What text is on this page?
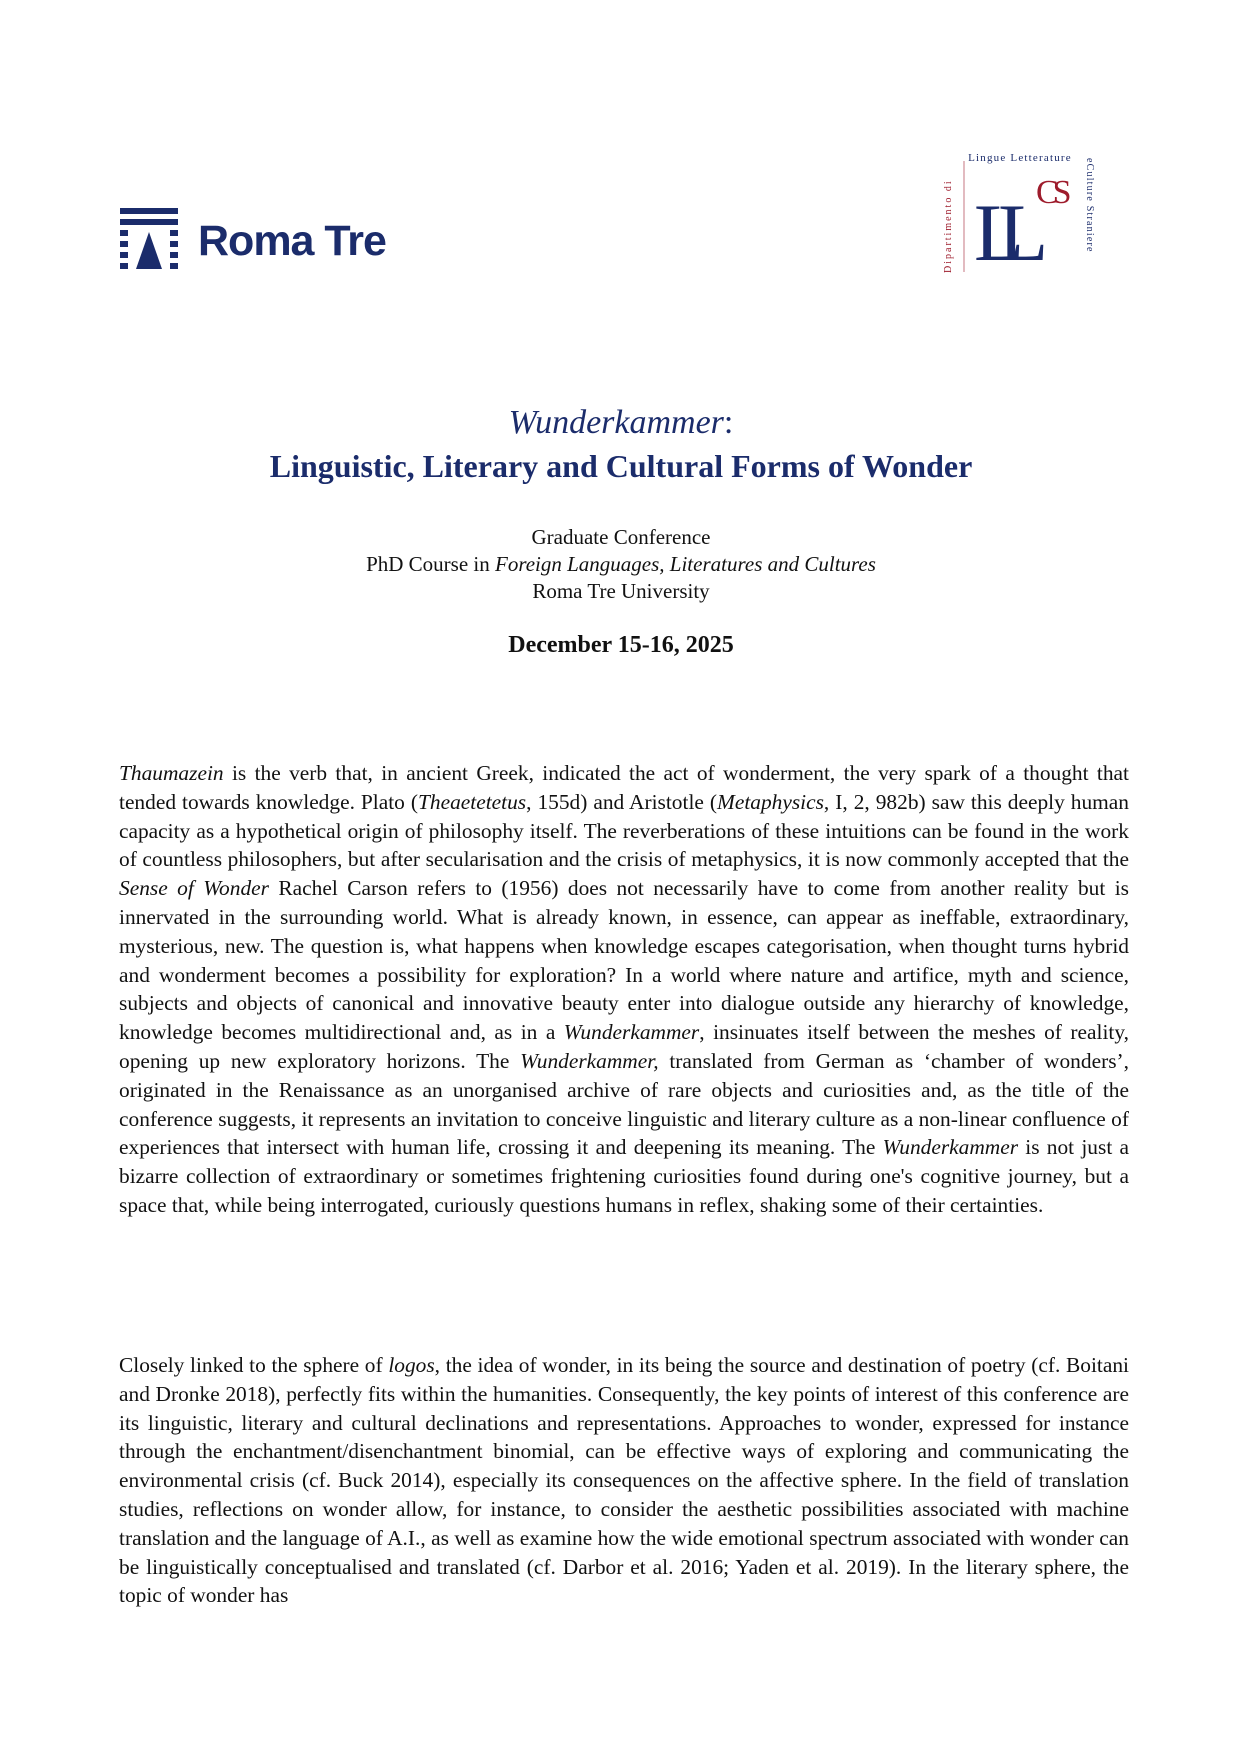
Roma Tre
Lingue Letterature
Dipartimento di	eCulture Straniere
LL CS
Wunderkammer:
Linguistic, Literary and Cultural Forms of Wonder
Graduate Conference
PhD Course in Foreign Languages, Literatures and Cultures
Roma Tre University
December 15-16, 2025
Thaumazein is the verb that, in ancient Greek, indicated the act of wonderment, the very spark of a thought that tended towards knowledge. Plato (Theaetetetus, 155d) and Aristotle (Metaphysics, I, 2, 982b) saw this deeply human capacity as a hypothetical origin of philosophy itself. The reverberations of these intuitions can be found in the work of countless philosophers, but after secularisation and the crisis of metaphysics, it is now commonly accepted that the Sense of Wonder Rachel Carson refers to (1956) does not necessarily have to come from another reality but is innervated in the surrounding world. What is already known, in essence, can appear as ineffable, extraordinary, mysterious, new. The question is, what happens when knowledge escapes categorisation, when thought turns hybrid and wonderment becomes a possibility for exploration? In a world where nature and artifice, myth and science, subjects and objects of canonical and innovative beauty enter into dialogue outside any hierarchy of knowledge, knowledge becomes multidirectional and, as in a Wunderkammer, insinuates itself between the meshes of reality, opening up new exploratory horizons. The Wunderkammer, translated from German as ‘chamber of wonders’, originated in the Renaissance as an unorganised archive of rare objects and curiosities and, as the title of the conference suggests, it represents an invitation to conceive linguistic and literary culture as a non-linear confluence of experiences that intersect with human life, crossing it and deepening its meaning. The Wunderkammer is not just a bizarre collection of extraordinary or sometimes frightening curiosities found during one's cognitive journey, but a space that, while being interrogated, curiously questions humans in reflex, shaking some of their certainties.
Closely linked to the sphere of logos, the idea of wonder, in its being the source and destination of poetry (cf. Boitani and Dronke 2018), perfectly fits within the humanities. Consequently, the key points of interest of this conference are its linguistic, literary and cultural declinations and representations. Approaches to wonder, expressed for instance through the enchantment/disenchantment binomial, can be effective ways of exploring and communicating the environmental crisis (cf. Buck 2014), especially its consequences on the affective sphere. In the field of translation studies, reflections on wonder allow, for instance, to consider the aesthetic possibilities associated with machine translation and the language of A.I., as well as examine how the wide emotional spectrum associated with wonder can be linguistically conceptualised and translated (cf. Darbor et al. 2016; Yaden et al. 2019). In the literary sphere, the topic of wonder has
